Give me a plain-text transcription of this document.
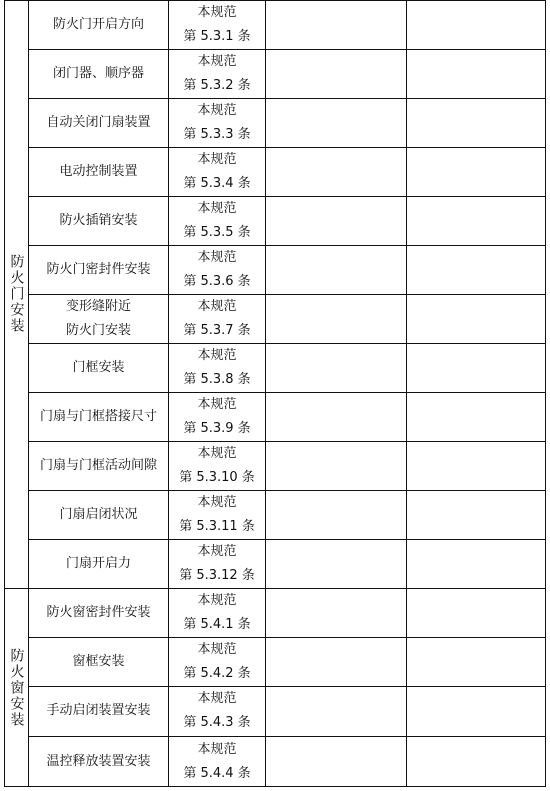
防火门安装
防火窗安装
防火门开启方向
本规范
第 5.3.1 条
闭门器、顺序器
本规范
第 5.3.2 条
自动关闭门扇装置
本规范
第 5.3.3 条
电动控制装置
本规范
第 5.3.4 条
防火插销安装
本规范
第 5.3.5 条
防火门密封件安装
本规范
第 5.3.6 条
变形缝附近
防火门安装
本规范
第 5.3.7 条
门框安装
本规范
第 5.3.8 条
门扇与门框搭接尺寸
本规范
第 5.3.9 条
门扇与门框活动间隙
本规范
第 5.3.10 条
门扇启闭状况
本规范
第 5.3.11 条
门扇开启力
本规范
第 5.3.12 条
防火窗密封件安装
本规范
第 5.4.1 条
窗框安装
本规范
第 5.4.2 条
手动启闭装置安装
本规范
第 5.4.3 条
温控释放装置安装
本规范
第 5.4.4 条
